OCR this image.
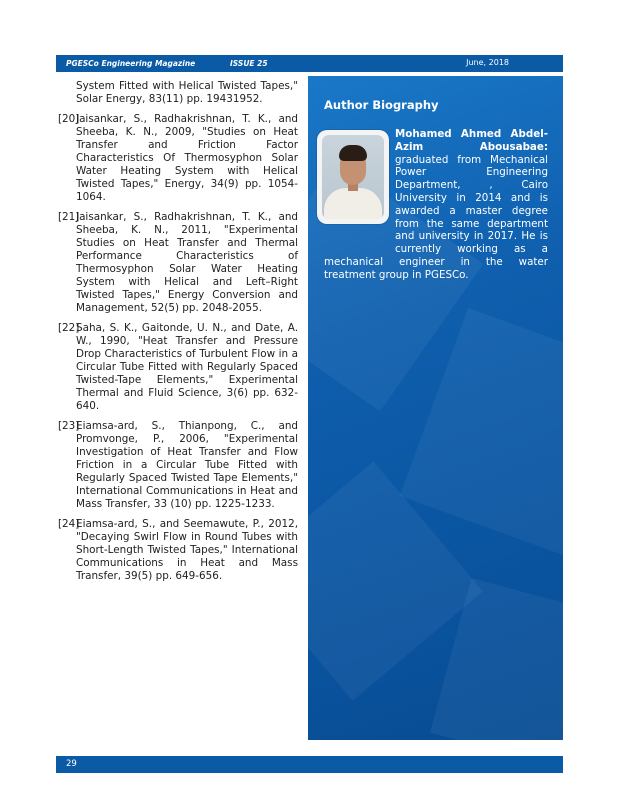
PGESCo Engineering Magazine	ISSUE 25	June, 2018
System Fitted with Helical Twisted Tapes," Solar Energy, 83(11) pp. 19431952.
[20]
Jaisankar, S., Radhakrishnan, T. K., and Sheeba, K. N., 2009, "Studies on Heat Transfer and Friction Factor Characteristics Of Thermosyphon Solar Water Heating System with Helical Twisted Tapes," Energy, 34(9) pp. 1054-1064.
[21]
Jaisankar, S., Radhakrishnan, T. K., and Sheeba, K. N., 2011, "Experimental Studies on Heat Transfer and Thermal Performance Characteristics of Thermosyphon Solar Water Heating System with Helical and Left–Right Twisted Tapes," Energy Conversion and Management, 52(5) pp. 2048-2055.
[22]
Saha, S. K., Gaitonde, U. N., and Date, A. W., 1990, "Heat Transfer and Pressure Drop Characteristics of Turbulent Flow in a Circular Tube Fitted with Regularly Spaced Twisted-Tape Elements," Experimental Thermal and Fluid Science, 3(6) pp. 632-640.
[23]
Eiamsa-ard, S., Thianpong, C., and Promvonge, P., 2006, "Experimental Investigation of Heat Transfer and Flow Friction in a Circular Tube Fitted with Regularly Spaced Twisted Tape Elements," International Communications in Heat and Mass Transfer, 33 (10) pp. 1225-1233.
[24]
Eiamsa-ard, S., and Seemawute, P., 2012, "Decaying Swirl Flow in Round Tubes with Short-Length Twisted Tapes," International Communications in Heat and Mass Transfer, 39(5) pp. 649-656.
Author Biography

Mohamed Ahmed Abdel-Azim Abousabae: graduated from Mechanical Power Engineering Department, , Cairo University in 2014 and is awarded a master degree from the same department and university in 2017. He is currently working as a mechanical engineer in the water treatment group in PGESCo.

29
